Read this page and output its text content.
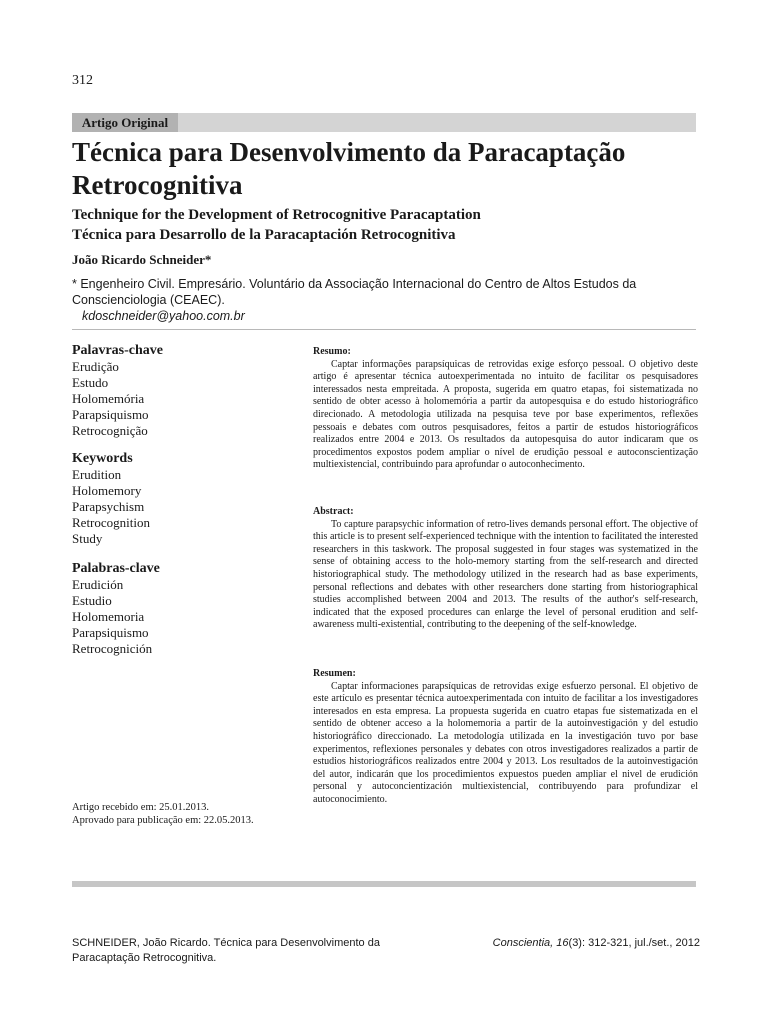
312
Artigo Original
Técnica para Desenvolvimento da Paracaptação Retrocognitiva
Technique for the Development of Retrocognitive Paracaptation
Técnica para Desarrollo de la Paracaptación Retrocognitiva
João Ricardo Schneider*
* Engenheiro Civil. Empresário. Voluntário da Associação Internacional do Centro de Altos Estudos da Conscienciologia (CEAEC).
kdoschneider@yahoo.com.br
Palavras-chave
Erudição
Estudo
Holomemória
Parapsiquismo
Retrocognição
Keywords
Erudition
Holomemory
Parapsychism
Retrocognition
Study
Palabras-clave
Erudición
Estudio
Holomemoria
Parapsiquismo
Retrocognición
Artigo recebido em: 25.01.2013.
Aprovado para publicação em: 22.05.2013.
Resumo:

Captar informações parapsíquicas de retrovidas exige esforço pessoal. O objetivo deste artigo é apresentar técnica autoexperimentada no intuito de facilitar os pesquisadores interessados nesta empreitada. A proposta, sugerida em quatro etapas, foi sistematizada no sentido de obter acesso à holomemória a partir da autopesquisa e do estudo historiográfico direcionado. A metodologia utilizada na pesquisa teve por base experimentos, reflexões pessoais e debates com outros pesquisadores, feitos a partir de estudos historiográficos realizados entre 2004 e 2013. Os resultados da autopesquisa do autor indicaram que os procedimentos expostos podem ampliar o nível de erudição pessoal e autoconscientização multiexistencial, contribuindo para aprofundar o autoconhecimento.

Abstract:

To capture parapsychic information of retro-lives demands personal effort. The objective of this article is to present self-experienced technique with the intention to facilitated the interested researchers in this taskwork. The proposal suggested in four stages was systematized in the sense of obtaining access to the holo-memory starting from the self-research and directed historiographical study. The methodology utilized in the research had as base experiments, personal reflections and debates with other researchers done starting from historiographical studies accomplished between 2004 and 2013. The results of the author's self-research, indicated that the exposed procedures can enlarge the level of personal erudition and self-awareness multi-existential, contributing to the deepening of the self-knowledge.

Resumen:

Captar informaciones parapsíquicas de retrovidas exige esfuerzo personal. El objetivo de este artículo es presentar técnica autoexperimentada con intuito de facilitar a los investigadores interesados en esta empresa. La propuesta sugerida en cuatro etapas fue sistematizada en el sentido de obtener acceso a la holomemoria a partir de la autoinvestigación y del estudio historiográfico direccionado. La metodología utilizada en la investigación tuvo por base experimentos, reflexiones personales y debates con otros investigadores realizados a partir de estudios historiográficos realizados entre 2004 y 2013. Los resultados de la autoinvestigación del autor, indicarán que los procedimientos expuestos pueden ampliar el nivel de erudición personal y autoconcientización multiexistencial, contribuyendo para profundizar el autoconocimiento.

SCHNEIDER, João Ricardo. Técnica para Desenvolvimento da Paracaptação Retrocognitiva.
Conscientia, 16(3): 312-321, jul./set., 2012
